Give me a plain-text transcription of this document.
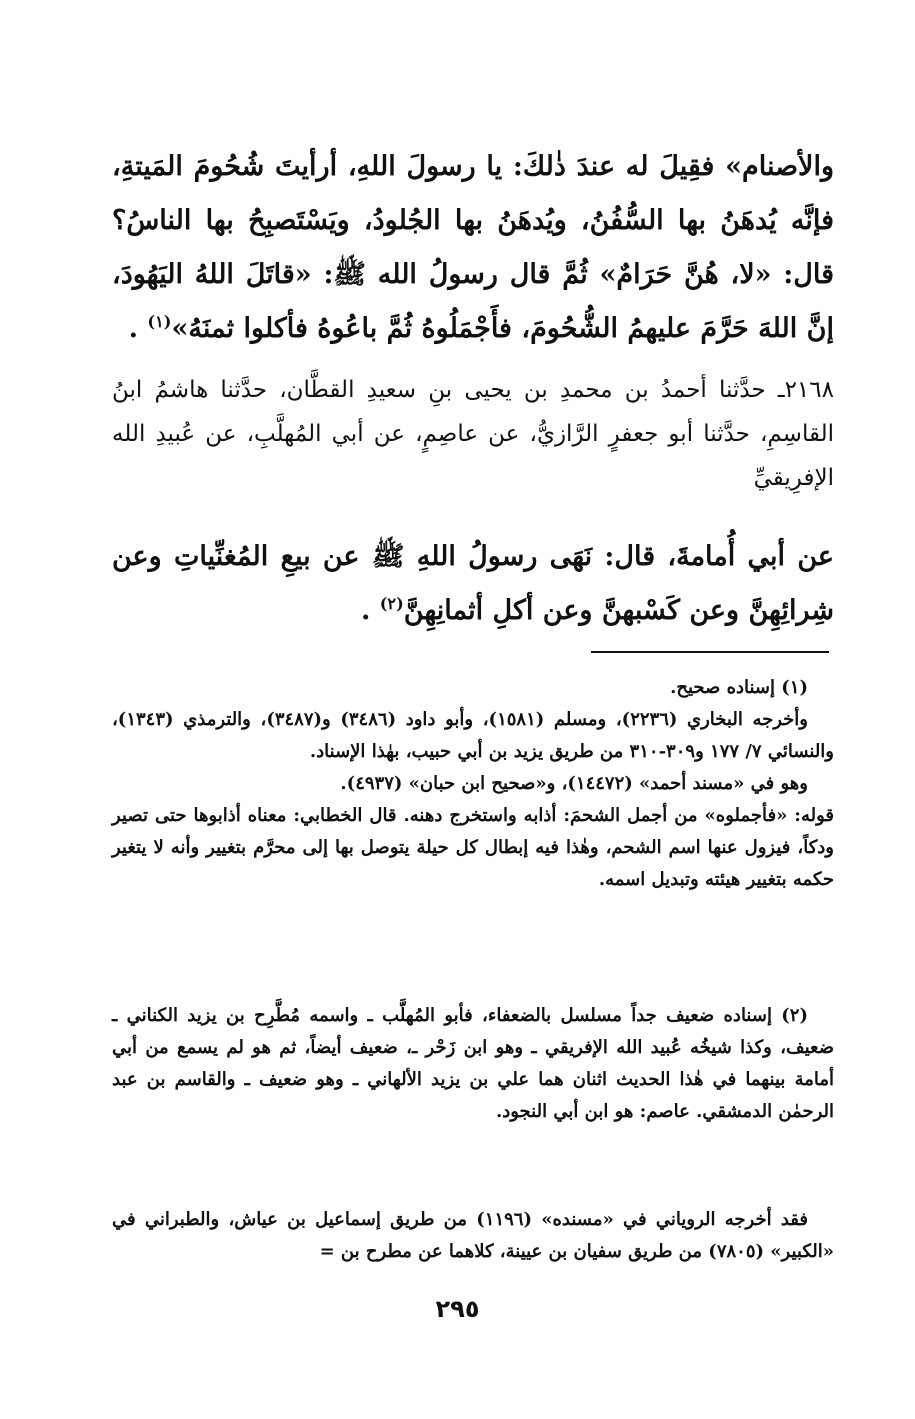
والأصنام» فقِيلَ له عندَ ذٰلكَ: يا رسولَ اللهِ، أرأيتَ شُحُومَ المَيتةِ، فإنَّه يُدهَنُ بها السُّفُنُ، ويُدهَنُ بها الجُلودُ، ويَسْتَصبِحُ بها الناسُ؟ قال: «لا، هُنَّ حَرَامٌ» ثُمَّ قال رسولُ الله ﷺ: «قاتَلَ اللهُ اليَهُودَ، إنَّ اللهَ حَرَّمَ عليهمُ الشُّحُومَ، فأَجْمَلُوهُ ثُمَّ باعُوهُ فأكلوا ثمنَهُ»$^{(١)}$ .
٢١٦٨ـ حدَّثنا أحمدُ بن محمدِ بن يحيى بنِ سعيدِ القطَّان، حدَّثنا هاشمُ ابنُ القاسِمِ، حدَّثنا أبو جعفرٍ الرَّازيُّ، عن عاصِمٍ، عن أبي المُهلَّبِ، عن عُبيدِ الله الإفرِيقيِّ
عن أبي أُمامةَ، قال: نَهَى رسولُ اللهِ ﷺ عن بيعِ المُغنِّياتِ وعن شِرائِهِنَّ وعن كَسْبهنَّ وعن أكلِ أثمانِهِنَّ$^{(٢)}$ .

(١) إسناده صحيح.

وأخرجه البخاري (٢٢٣٦)، ومسلم (١٥٨١)، وأبو داود (٣٤٨٦) و(٣٤٨٧)، والترمذي (١٣٤٣)، والنسائي ٧/ ١٧٧ و٣٠٩-٣١٠ من طريق يزيد بن أبي حبيب، بهٰذا الإسناد.

وهو في «مسند أحمد» (١٤٤٧٢)، و«صحيح ابن حبان» (٤٩٣٧).

قوله: «فأجملوه» من أجمل الشحمَ: أذابه واستخرج دهنه. قال الخطابي: معناه أذابوها حتى تصير ودكاً، فيزول عنها اسم الشحم، وهٰذا فيه إبطال كل حيلة يتوصل بها إلى محرَّم بتغيير وأنه لا يتغير حكمه بتغيير هيئته وتبديل اسمه.

(٢) إسناده ضعيف جداً مسلسل بالضعفاء، فأبو المُهلَّب ـ واسمه مُطَّرِح بن يزيد الكناني ـ ضعيف، وكذا شيخُه عُبيد الله الإفريقي ـ وهو ابن زَحْر ـ، ضعيف أيضاً، ثم هو لم يسمع من أبي أمامة بينهما في هٰذا الحديث اثنان هما علي بن يزيد الألهاني ـ وهو ضعيف ـ والقاسم بن عبد الرحمٰن الدمشقي. عاصم: هو ابن أبي النجود.

فقد أخرجه الروياني في «مسنده» (١١٩٦) من طريق إسماعيل بن عياش، والطبراني في «الكبير» (٧٨٠٥) من طريق سفيان بن عيينة، كلاهما عن مطرح بن =

٢٩٥
